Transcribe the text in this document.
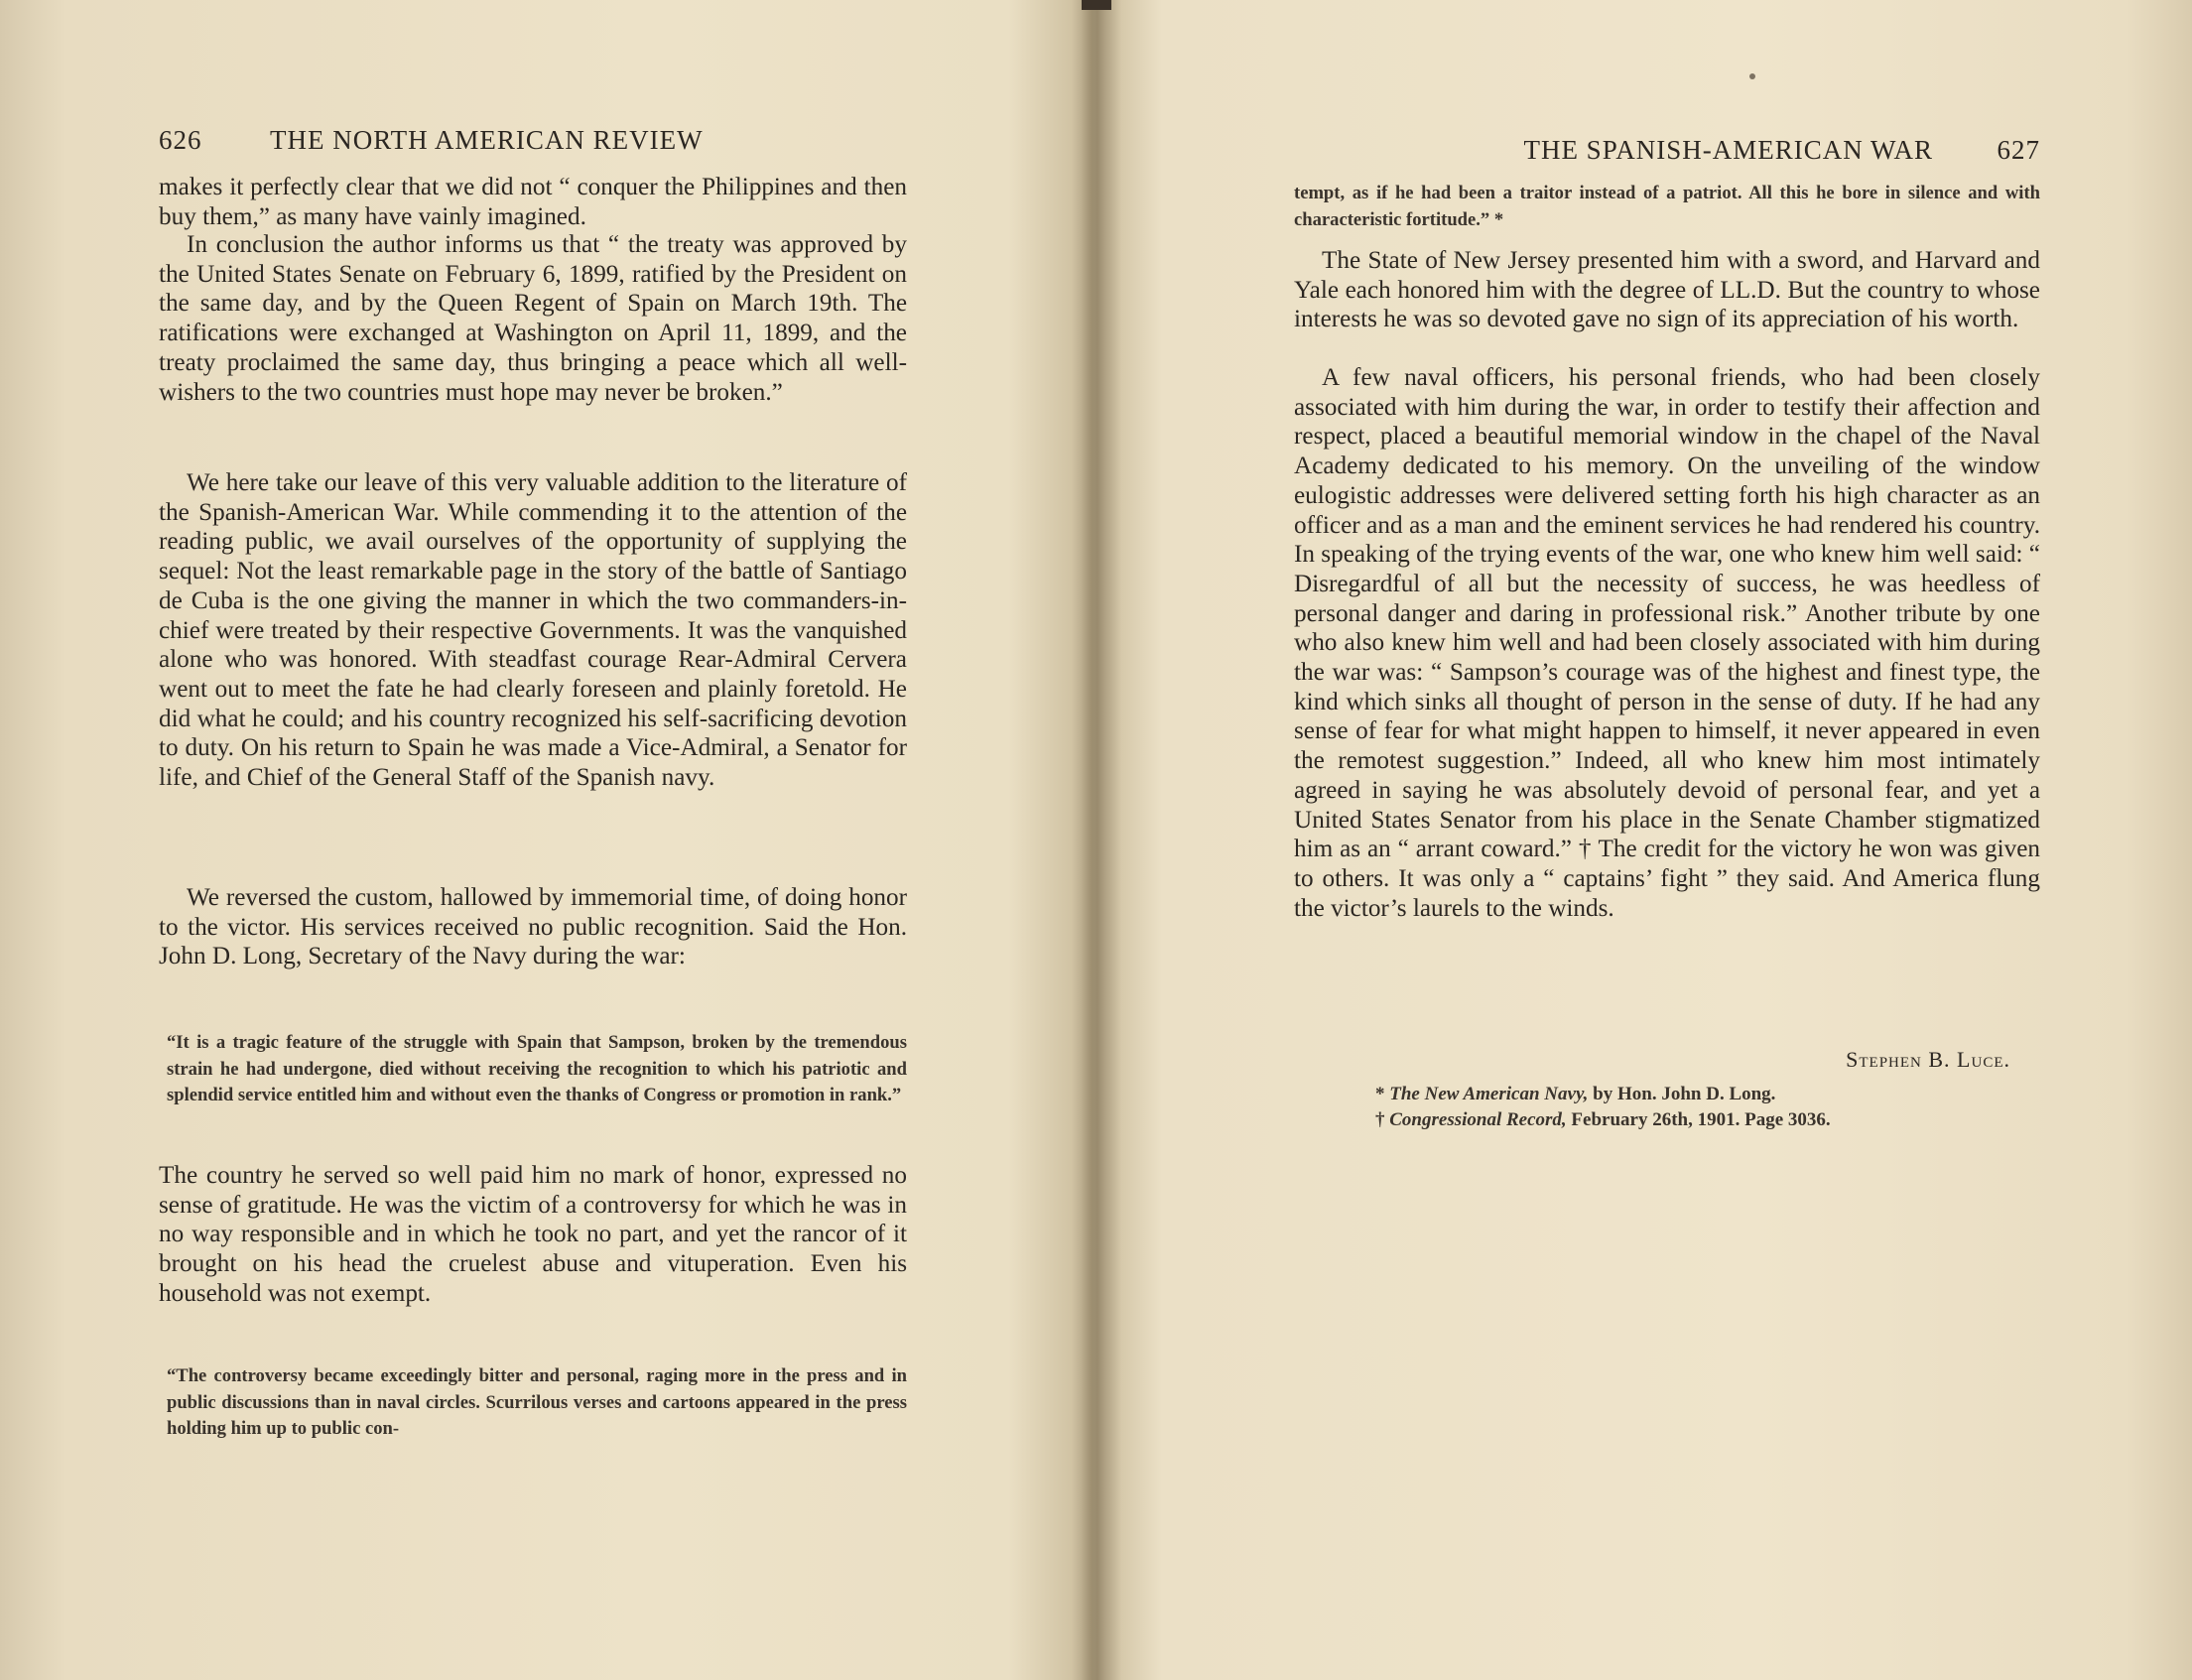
626	THE NORTH AMERICAN REVIEW

makes it perfectly clear that we did not “ conquer the Philippines and then buy them,” as many have vainly imagined.

In conclusion the author informs us that “ the treaty was approved by the United States Senate on February 6, 1899, ratified by the President on the same day, and by the Queen Regent of Spain on March 19th. The ratifications were exchanged at Washington on April 11, 1899, and the treaty proclaimed the same day, thus bringing a peace which all well-wishers to the two countries must hope may never be broken.”

We here take our leave of this very valuable addition to the literature of the Spanish-American War. While commending it to the attention of the reading public, we avail ourselves of the opportunity of supplying the sequel: Not the least remarkable page in the story of the battle of Santiago de Cuba is the one giving the manner in which the two commanders-in-chief were treated by their respective Governments. It was the vanquished alone who was honored. With steadfast courage Rear-Admiral Cervera went out to meet the fate he had clearly foreseen and plainly foretold. He did what he could; and his country recognized his self-sacrificing devotion to duty. On his return to Spain he was made a Vice-Admiral, a Senator for life, and Chief of the General Staff of the Spanish navy.

We reversed the custom, hallowed by immemorial time, of doing honor to the victor. His services received no public recognition. Said the Hon. John D. Long, Secretary of the Navy during the war:

“It is a tragic feature of the struggle with Spain that Sampson, broken by the tremendous strain he had undergone, died without receiving the recognition to which his patriotic and splendid service entitled him and without even the thanks of Congress or promotion in rank.”

The country he served so well paid him no mark of honor, expressed no sense of gratitude. He was the victim of a controversy for which he was in no way responsible and in which he took no part, and yet the rancor of it brought on his head the cruelest abuse and vituperation. Even his household was not exempt.

“The controversy became exceedingly bitter and personal, raging more in the press and in public discussions than in naval circles. Scurrilous verses and cartoons appeared in the press holding him up to public con-

THE SPANISH-AMERICAN WAR 627

tempt, as if he had been a traitor instead of a patriot. All this he bore in silence and with characteristic fortitude.” *

The State of New Jersey presented him with a sword, and Harvard and Yale each honored him with the degree of LL.D. But the country to whose interests he was so devoted gave no sign of its appreciation of his worth.

A few naval officers, his personal friends, who had been closely associated with him during the war, in order to testify their affection and respect, placed a beautiful memorial window in the chapel of the Naval Academy dedicated to his memory. On the unveiling of the window eulogistic addresses were delivered setting forth his high character as an officer and as a man and the eminent services he had rendered his country. In speaking of the trying events of the war, one who knew him well said: “ Disregardful of all but the necessity of success, he was heedless of personal danger and daring in professional risk.” Another tribute by one who also knew him well and had been closely associated with him during the war was: “ Sampson’s courage was of the highest and finest type, the kind which sinks all thought of person in the sense of duty. If he had any sense of fear for what might happen to himself, it never appeared in even the remotest suggestion.” Indeed, all who knew him most intimately agreed in saying he was absolutely devoid of personal fear, and yet a United States Senator from his place in the Senate Chamber stigmatized him as an “ arrant coward.” † The credit for the victory he won was given to others. It was only a “ captains’ fight ” they said. And America flung the victor’s laurels to the winds.

Stephen B. Luce.
* The New American Navy, by Hon. John D. Long.
† Congressional Record, February 26th, 1901. Page 3036.
